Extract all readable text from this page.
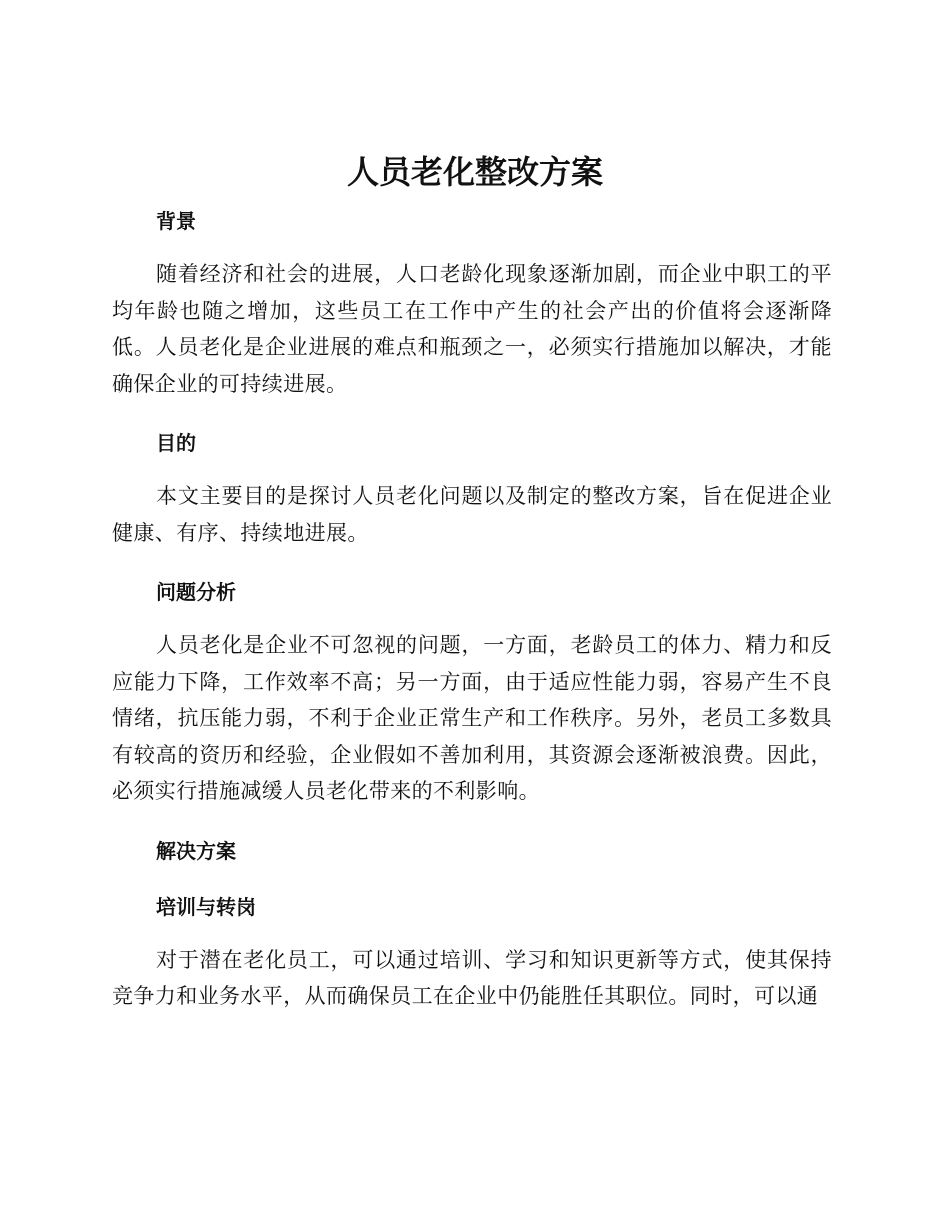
人员老化整改方案
背景

随着经济和社会的进展，人口老龄化现象逐渐加剧，而企业中职工的平均年龄也随之增加，这些员工在工作中产生的社会产出的价值将会逐渐降低。人员老化是企业进展的难点和瓶颈之一，必须实行措施加以解决，才能确保企业的可持续进展。

目的

本文主要目的是探讨人员老化问题以及制定的整改方案，旨在促进企业健康、有序、持续地进展。

问题分析

人员老化是企业不可忽视的问题，一方面，老龄员工的体力、精力和反应能力下降，工作效率不高；另一方面，由于适应性能力弱，容易产生不良情绪，抗压能力弱，不利于企业正常生产和工作秩序。另外，老员工多数具有较高的资历和经验，企业假如不善加利用，其资源会逐渐被浪费。因此，必须实行措施减缓人员老化带来的不利影响。

解决方案
培训与转岗

对于潜在老化员工，可以通过培训、学习和知识更新等方式，使其保持竞争力和业务水平，从而确保员工在企业中仍能胜任其职位。同时，可以通
